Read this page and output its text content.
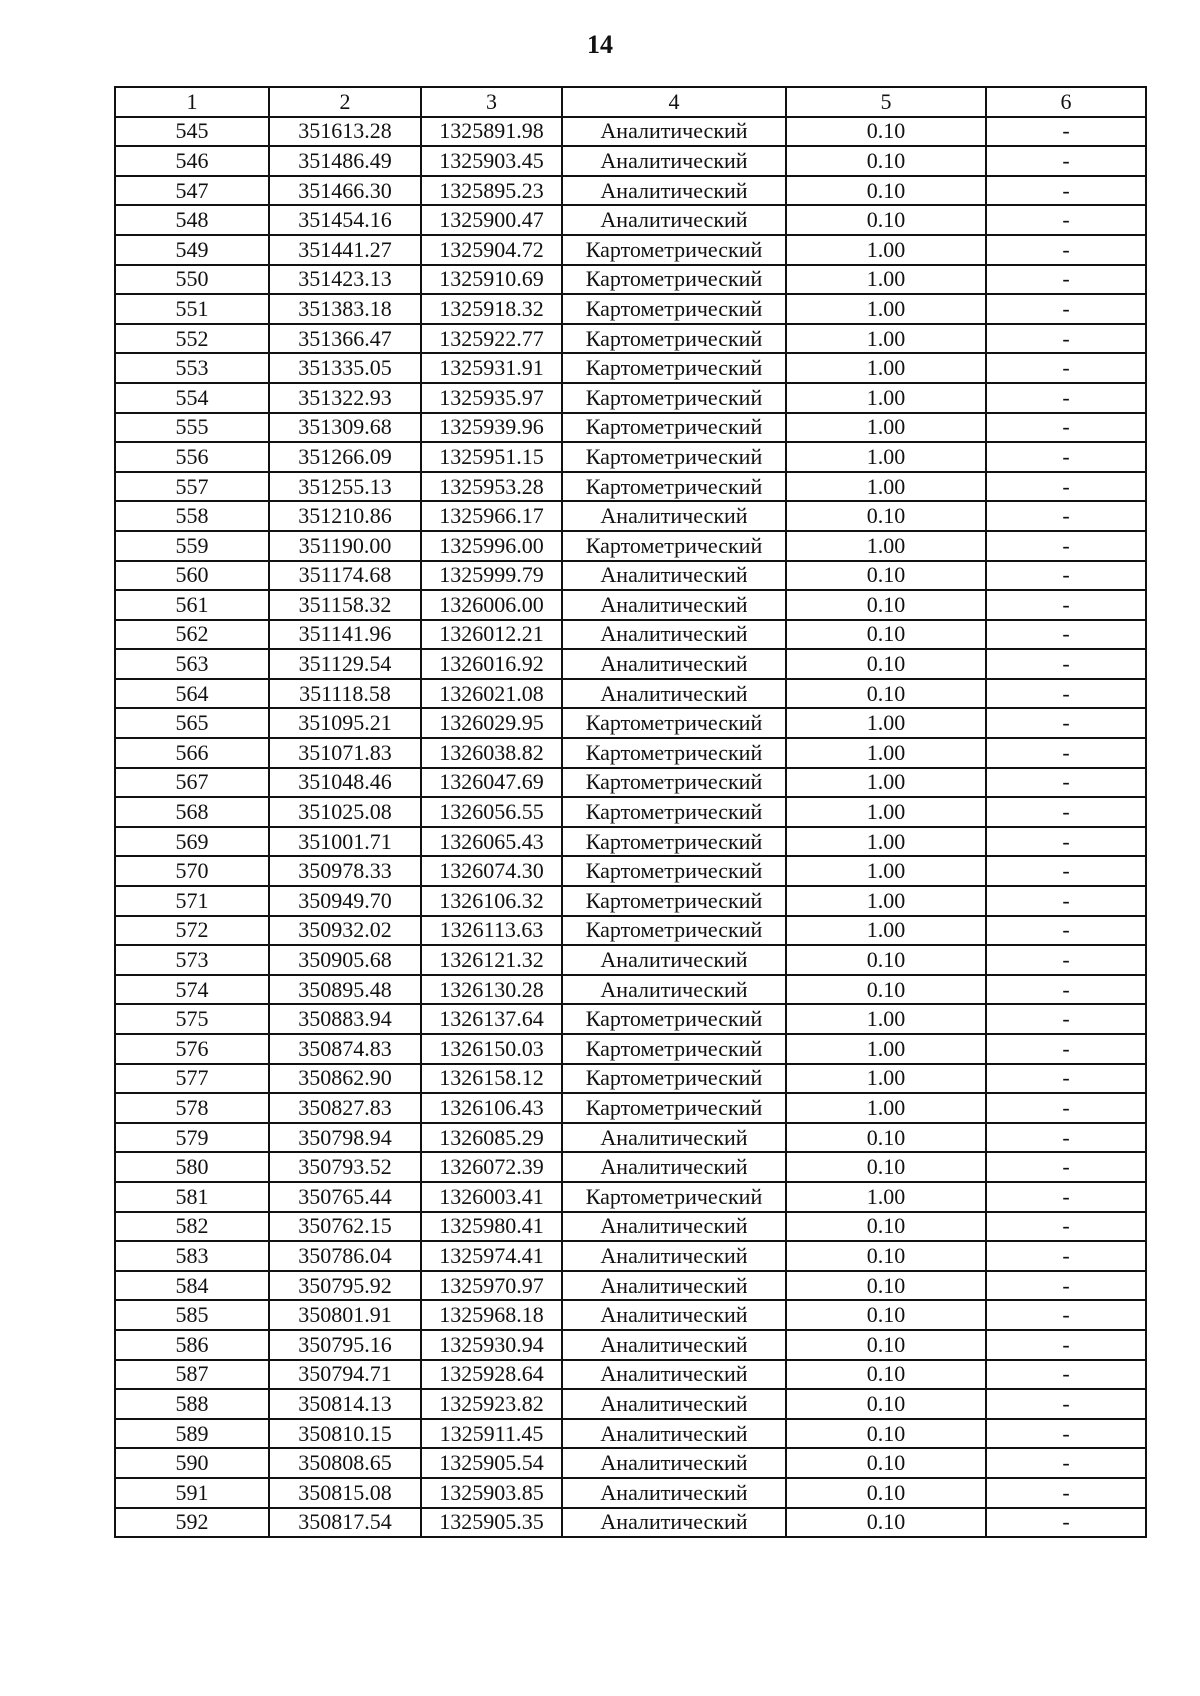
14
1	2	3	4	5	6
545	351613.28	1325891.98	Аналитический	0.10	-
546	351486.49	1325903.45	Аналитический	0.10	-
547	351466.30	1325895.23	Аналитический	0.10	-
548	351454.16	1325900.47	Аналитический	0.10	-
549	351441.27	1325904.72	Картометрический	1.00	-
550	351423.13	1325910.69	Картометрический	1.00	-
551	351383.18	1325918.32	Картометрический	1.00	-
552	351366.47	1325922.77	Картометрический	1.00	-
553	351335.05	1325931.91	Картометрический	1.00	-
554	351322.93	1325935.97	Картометрический	1.00	-
555	351309.68	1325939.96	Картометрический	1.00	-
556	351266.09	1325951.15	Картометрический	1.00	-
557	351255.13	1325953.28	Картометрический	1.00	-
558	351210.86	1325966.17	Аналитический	0.10	-
559	351190.00	1325996.00	Картометрический	1.00	-
560	351174.68	1325999.79	Аналитический	0.10	-
561	351158.32	1326006.00	Аналитический	0.10	-
562	351141.96	1326012.21	Аналитический	0.10	-
563	351129.54	1326016.92	Аналитический	0.10	-
564	351118.58	1326021.08	Аналитический	0.10	-
565	351095.21	1326029.95	Картометрический	1.00	-
566	351071.83	1326038.82	Картометрический	1.00	-
567	351048.46	1326047.69	Картометрический	1.00	-
568	351025.08	1326056.55	Картометрический	1.00	-
569	351001.71	1326065.43	Картометрический	1.00	-
570	350978.33	1326074.30	Картометрический	1.00	-
571	350949.70	1326106.32	Картометрический	1.00	-
572	350932.02	1326113.63	Картометрический	1.00	-
573	350905.68	1326121.32	Аналитический	0.10	-
574	350895.48	1326130.28	Аналитический	0.10	-
575	350883.94	1326137.64	Картометрический	1.00	-
576	350874.83	1326150.03	Картометрический	1.00	-
577	350862.90	1326158.12	Картометрический	1.00	-
578	350827.83	1326106.43	Картометрический	1.00	-
579	350798.94	1326085.29	Аналитический	0.10	-
580	350793.52	1326072.39	Аналитический	0.10	-
581	350765.44	1326003.41	Картометрический	1.00	-
582	350762.15	1325980.41	Аналитический	0.10	-
583	350786.04	1325974.41	Аналитический	0.10	-
584	350795.92	1325970.97	Аналитический	0.10	-
585	350801.91	1325968.18	Аналитический	0.10	-
586	350795.16	1325930.94	Аналитический	0.10	-
587	350794.71	1325928.64	Аналитический	0.10	-
588	350814.13	1325923.82	Аналитический	0.10	-
589	350810.15	1325911.45	Аналитический	0.10	-
590	350808.65	1325905.54	Аналитический	0.10	-
591	350815.08	1325903.85	Аналитический	0.10	-
592	350817.54	1325905.35	Аналитический	0.10	-
